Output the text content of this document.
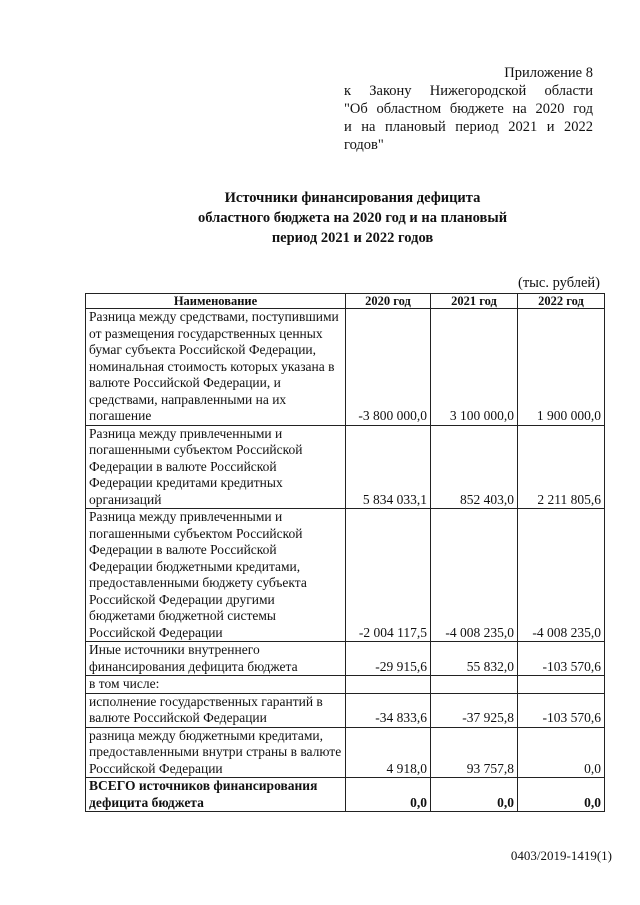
Приложение 8
к Закону Нижегородской области
"Об областном бюджете на 2020 год
и на плановый период 2021 и 2022
годов"
Источники финансирования дефицита
областного бюджета на 2020 год и на плановый
период 2021 и 2022 годов
(тыс. рублей)
Наименование	2020 год	2021 год	2022 год
Разница между средствами, поступившими от размещения государственных ценных бумаг субъекта Российской Федерации, номинальная стоимость которых указана в валюте Российской Федерации, и средствами, направленными на их погашение	-3 800 000,0	3 100 000,0	1 900 000,0
Разница между привлеченными и погашенными субъектом Российской Федерации в валюте Российской Федерации кредитами кредитных организаций	5 834 033,1	852 403,0	2 211 805,6
Разница между привлеченными и погашенными субъектом Российской Федерации в валюте Российской Федерации бюджетными кредитами, предоставленными бюджету субъекта Российской Федерации другими бюджетами бюджетной системы Российской Федерации	-2 004 117,5	-4 008 235,0	-4 008 235,0
Иные источники внутреннего финансирования дефицита бюджета	-29 915,6	55 832,0	-103 570,6
в том числе:			
исполнение государственных гарантий в валюте Российской Федерации	-34 833,6	-37 925,8	-103 570,6
разница между бюджетными кредитами, предоставленными внутри страны в валюте Российской Федерации	4 918,0	93 757,8	0,0
ВСЕГО источников финансирования дефицита бюджета	0,0	0,0	0,0
0403/2019-1419(1)
